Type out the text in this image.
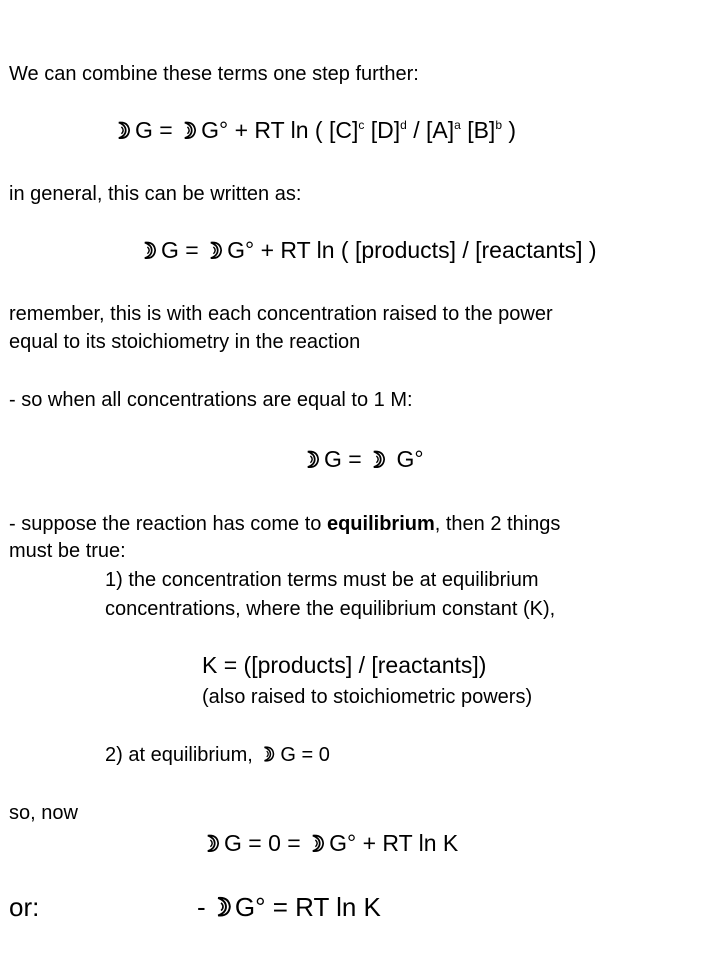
We can combine these terms one step further:
G =
G° + RT ln ( $[C]^c$ $[D]^d / [A]^a$ $[B]^b$ )
in general, this can be written as:
G =
G° + RT ln ( [products] / [reactants] )
remember, this is with each concentration raised to the power
equal to its stoichiometry in the reaction
- so when all concentrations are equal to 1 M:
G =
G°
- suppose the reaction has come to equilibrium, then 2 things
must be true:
1) the concentration terms must be at equilibrium
concentrations, where the equilibrium constant (K),
K = ([products] / [reactants])
(also raised to stoichiometric powers)
2) at equilibrium,
G = 0
so, now
G = 0 =
G° + RT ln K
or:	-
G° = RT ln K
